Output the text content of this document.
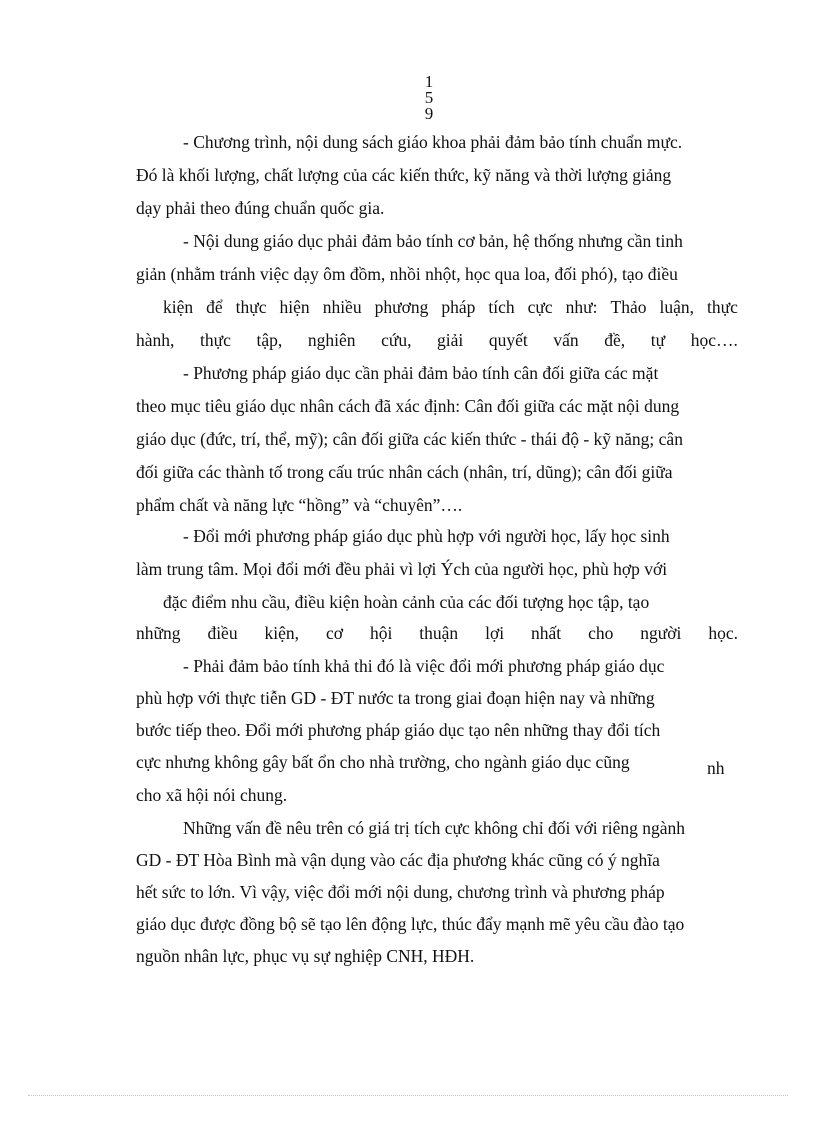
1
5
9
- Chương trình, nội dung sách giáo khoa phải đảm bảo tính chuẩn mực.
Đó là khối lượng, chất lượng của các kiến thức, kỹ năng và thời lượng giảng
dạy phải theo đúng chuẩn quốc gia.
- Nội dung giáo dục phải đảm bảo tính cơ bản, hệ thống nhưng cần tinh
giản (nhằm tránh việc dạy ôm đồm, nhồi nhột, học qua loa, đối phó), tạo điều
kiện để thực hiện nhiều phương pháp tích cực như: Thảo luận, thực
hành, thực tập, nghiên cứu, giải quyết vấn đề, tự học….
- Phương pháp giáo dục cần phải đảm bảo tính cân đối giữa các mặt
theo mục tiêu giáo dục nhân cách đã xác định: Cân đối giữa các mặt nội dung
giáo dục (đức, trí, thể, mỹ); cân đối giữa các kiến thức - thái độ - kỹ năng; cân
đối giữa các thành tố trong cấu trúc nhân cách (nhân, trí, dũng); cân đối giữa
phẩm chất và năng lực “hồng” và “chuyên”….
- Đổi mới phương pháp giáo dục phù hợp với người học, lấy học sinh
làm trung tâm. Mọi đổi mới đều phải vì lợi Ých của người học, phù hợp với
đặc điểm nhu cầu, điều kiện hoàn cảnh của các đối tượng học tập, tạo
những điều kiện, cơ hội thuận lợi nhất cho người học.
- Phải đảm bảo tính khả thi đó là việc đổi mới phương pháp giáo dục
phù hợp với thực tiễn GD - ĐT nước ta trong giai đoạn hiện nay và những
bước tiếp theo. Đổi mới phương pháp giáo dục tạo nên những thay đổi tích
cực nhưng không gây bất ổn cho nhà trường, cho ngành giáo dục cũng	nh
cho xã hội nói chung.
Những vấn đề nêu trên có giá trị tích cực không chỉ đối với riêng ngành
GD - ĐT Hòa Bình mà vận dụng vào các địa phương khác cũng có ý nghĩa
hết sức to lớn. Vì vậy, việc đổi mới nội dung, chương trình và phương pháp
giáo dục được đồng bộ sẽ tạo lên động lực, thúc đẩy mạnh mẽ yêu cầu đào tạo
nguồn nhân lực, phục vụ sự nghiệp CNH, HĐH.
